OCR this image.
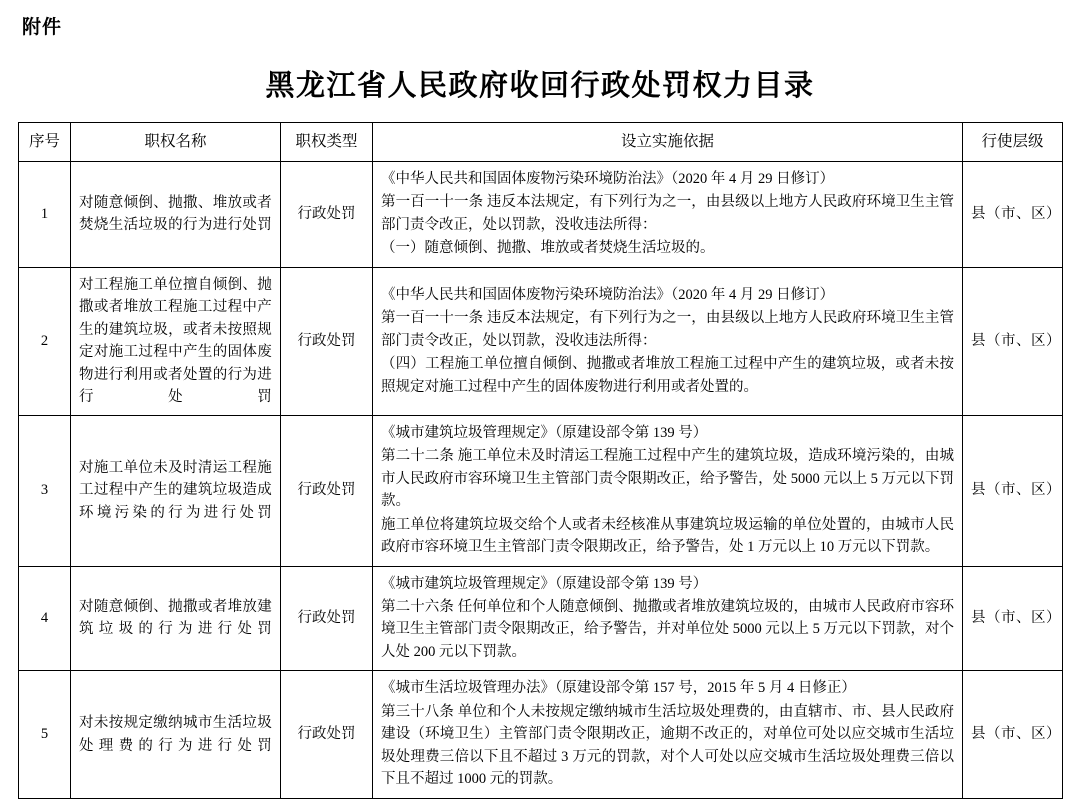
附件
黑龙江省人民政府收回行政处罚权力目录
序号	职权名称	职权类型	设立实施依据	行使层级
1	对随意倾倒、抛撒、堆放或者焚烧生活垃圾的行为进行处罚	行政处罚	《中华人民共和国固体废物污染环境防治法》（2020 年 4 月 29 日修订）

第一百一十一条 违反本法规定，有下列行为之一，由县级以上地方人民政府环境卫生主管部门责令改正，处以罚款，没收违法所得：

（一）随意倾倒、抛撒、堆放或者焚烧生活垃圾的。	县（市、区）
2	对工程施工单位擅自倾倒、抛撒或者堆放工程施工过程中产生的建筑垃圾，或者未按照规定对施工过程中产生的固体废物进行利用或者处置的行为进行处罚	行政处罚	《中华人民共和国固体废物污染环境防治法》（2020 年 4 月 29 日修订）

第一百一十一条 违反本法规定，有下列行为之一，由县级以上地方人民政府环境卫生主管部门责令改正，处以罚款，没收违法所得：

（四）工程施工单位擅自倾倒、抛撒或者堆放工程施工过程中产生的建筑垃圾，或者未按照规定对施工过程中产生的固体废物进行利用或者处置的。	县（市、区）
3	对施工单位未及时清运工程施工过程中产生的建筑垃圾造成环境污染的行为进行处罚	行政处罚	《城市建筑垃圾管理规定》（原建设部令第 139 号）

第二十二条 施工单位未及时清运工程施工过程中产生的建筑垃圾，造成环境污染的，由城市人民政府市容环境卫生主管部门责令限期改正，给予警告，处 5000 元以上 5 万元以下罚款。

施工单位将建筑垃圾交给个人或者未经核准从事建筑垃圾运输的单位处置的，由城市人民政府市容环境卫生主管部门责令限期改正，给予警告，处 1 万元以上 10 万元以下罚款。	县（市、区）
4	对随意倾倒、抛撒或者堆放建筑垃圾的行为进行处罚	行政处罚	《城市建筑垃圾管理规定》（原建设部令第 139 号）

第二十六条 任何单位和个人随意倾倒、抛撒或者堆放建筑垃圾的，由城市人民政府市容环境卫生主管部门责令限期改正，给予警告，并对单位处 5000 元以上 5 万元以下罚款，对个人处 200 元以下罚款。	县（市、区）
5	对未按规定缴纳城市生活垃圾处理费的行为进行处罚	行政处罚	《城市生活垃圾管理办法》（原建设部令第 157 号，2015 年 5 月 4 日修正）

第三十八条 单位和个人未按规定缴纳城市生活垃圾处理费的，由直辖市、市、县人民政府建设（环境卫生）主管部门责令限期改正，逾期不改正的，对单位可处以应交城市生活垃圾处理费三倍以下且不超过 3 万元的罚款，对个人可处以应交城市生活垃圾处理费三倍以下且不超过 1000 元的罚款。	县（市、区）
